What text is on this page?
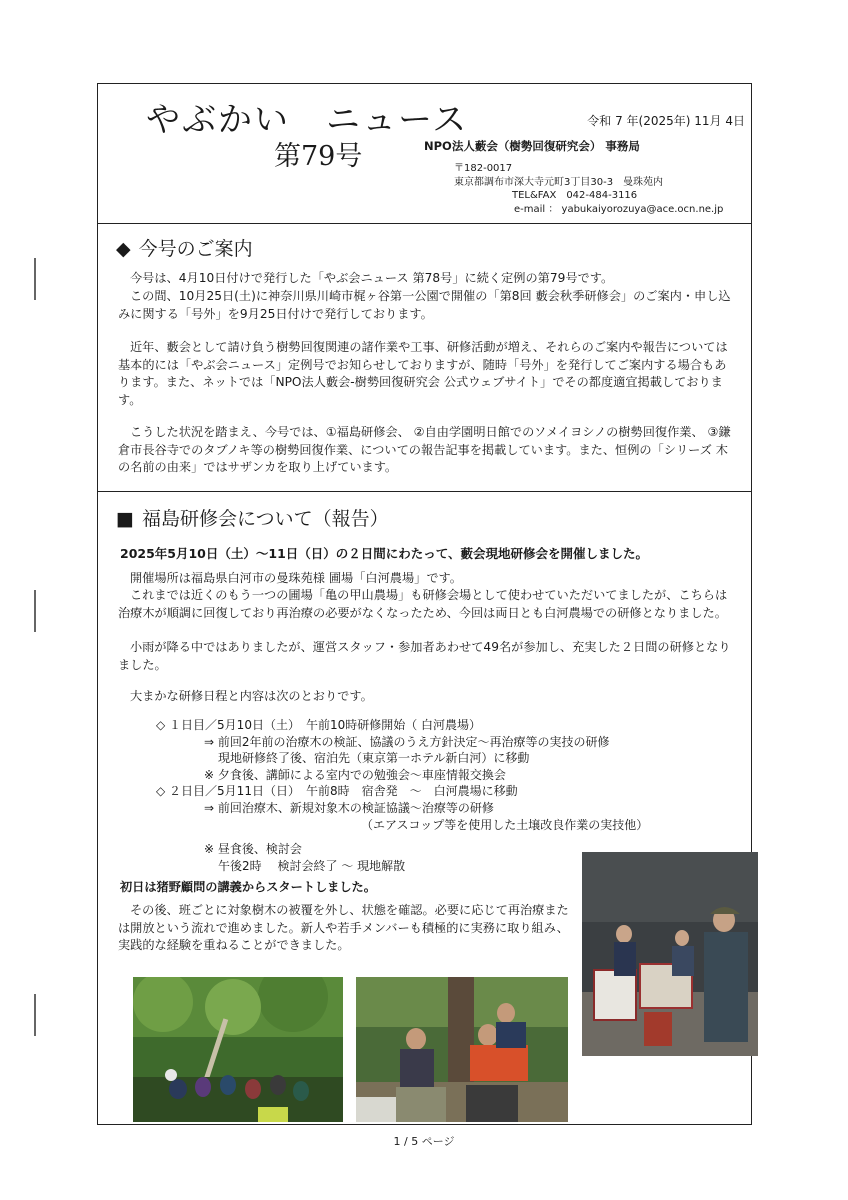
やぶかい　ニュース
第79号
令和 7 年(2025年) 11月 4日
NPO法人藪会（樹勢回復研究会） 事務局
〒182-0017
東京都調布市深大寺元町3丁目30-3　曼珠苑内
TEL&FAX　042-484-3116
e-mail ： yabukaiyorozuya@ace.ocn.ne.jp
◆ 今号のご案内

今号は、4月10日付けで発行した「やぶ会ニュース 第78号」に続く定例の第79号です。

この間、10月25日(土)に神奈川県川崎市梶ヶ谷第一公園で開催の「第8回 藪会秋季研修会」のご案内・申し込みに関する「号外」を9月25日付けで発行しております。

近年、藪会として請け負う樹勢回復関連の諸作業や工事、研修活動が増え、それらのご案内や報告については基本的には「やぶ会ニュース」定例号でお知らせしておりますが、随時「号外」を発行してご案内する場合もあります。また、ネットでは「NPO法人藪会-樹勢回復研究会 公式ウェブサイト」でその都度適宜掲載しております。

こうした状況を踏まえ、今号では、①福島研修会、 ②自由学園明日館でのソメイヨシノの樹勢回復作業、 ③鎌倉市長谷寺でのタブノキ等の樹勢回復作業、についての報告記事を掲載しています。また、恒例の「シリーズ 木の名前の由来」ではサザンカを取り上げています。

■ 福島研修会について（報告）
2025年5月10日（土）～11日（日）の２日間にわたって、藪会現地研修会を開催しました。

開催場所は福島県白河市の曼珠苑様 圃場「白河農場」です。

これまでは近くのもう一つの圃場「亀の甲山農場」も研修会場として使わせていただいてましたが、こちらは治療木が順調に回復しており再治療の必要がなくなったため、今回は両日とも白河農場での研修となりました。

小雨が降る中ではありましたが、運営スタッフ・参加者あわせて49名が参加し、充実した２日間の研修となりました。

大まかな研修日程と内容は次のとおりです。

◇ １日目／5月10日（土）　午前10時研修開始（ 白河農場）
⇒ 前回2年前の治療木の検証、協議のうえ方針決定～再治療等の実技の研修
現地研修終了後、宿泊先（東京第一ホテル新白河）に移動
※ 夕食後、講師による室内での勉強会～車座情報交換会
◇ ２日目／5月11日（日）　午前8時　宿舎発　～　白河農場に移動
⇒ 前回治療木、新規対象木の検証協議～治療等の研修
（エアスコップ等を使用した土壌改良作業の実技他）
※ 昼食後、検討会
午後2時　 検討会終了 ～ 現地解散
初日は猪野顧問の講義からスタートしました。

その後、班ごとに対象樹木の被覆を外し、状態を確認。必要に応じて再治療または開放という流れで進めました。新人や若手メンバーも積極的に実務に取り組み、実践的な経験を重ねることができました。

1 / 5 ページ
